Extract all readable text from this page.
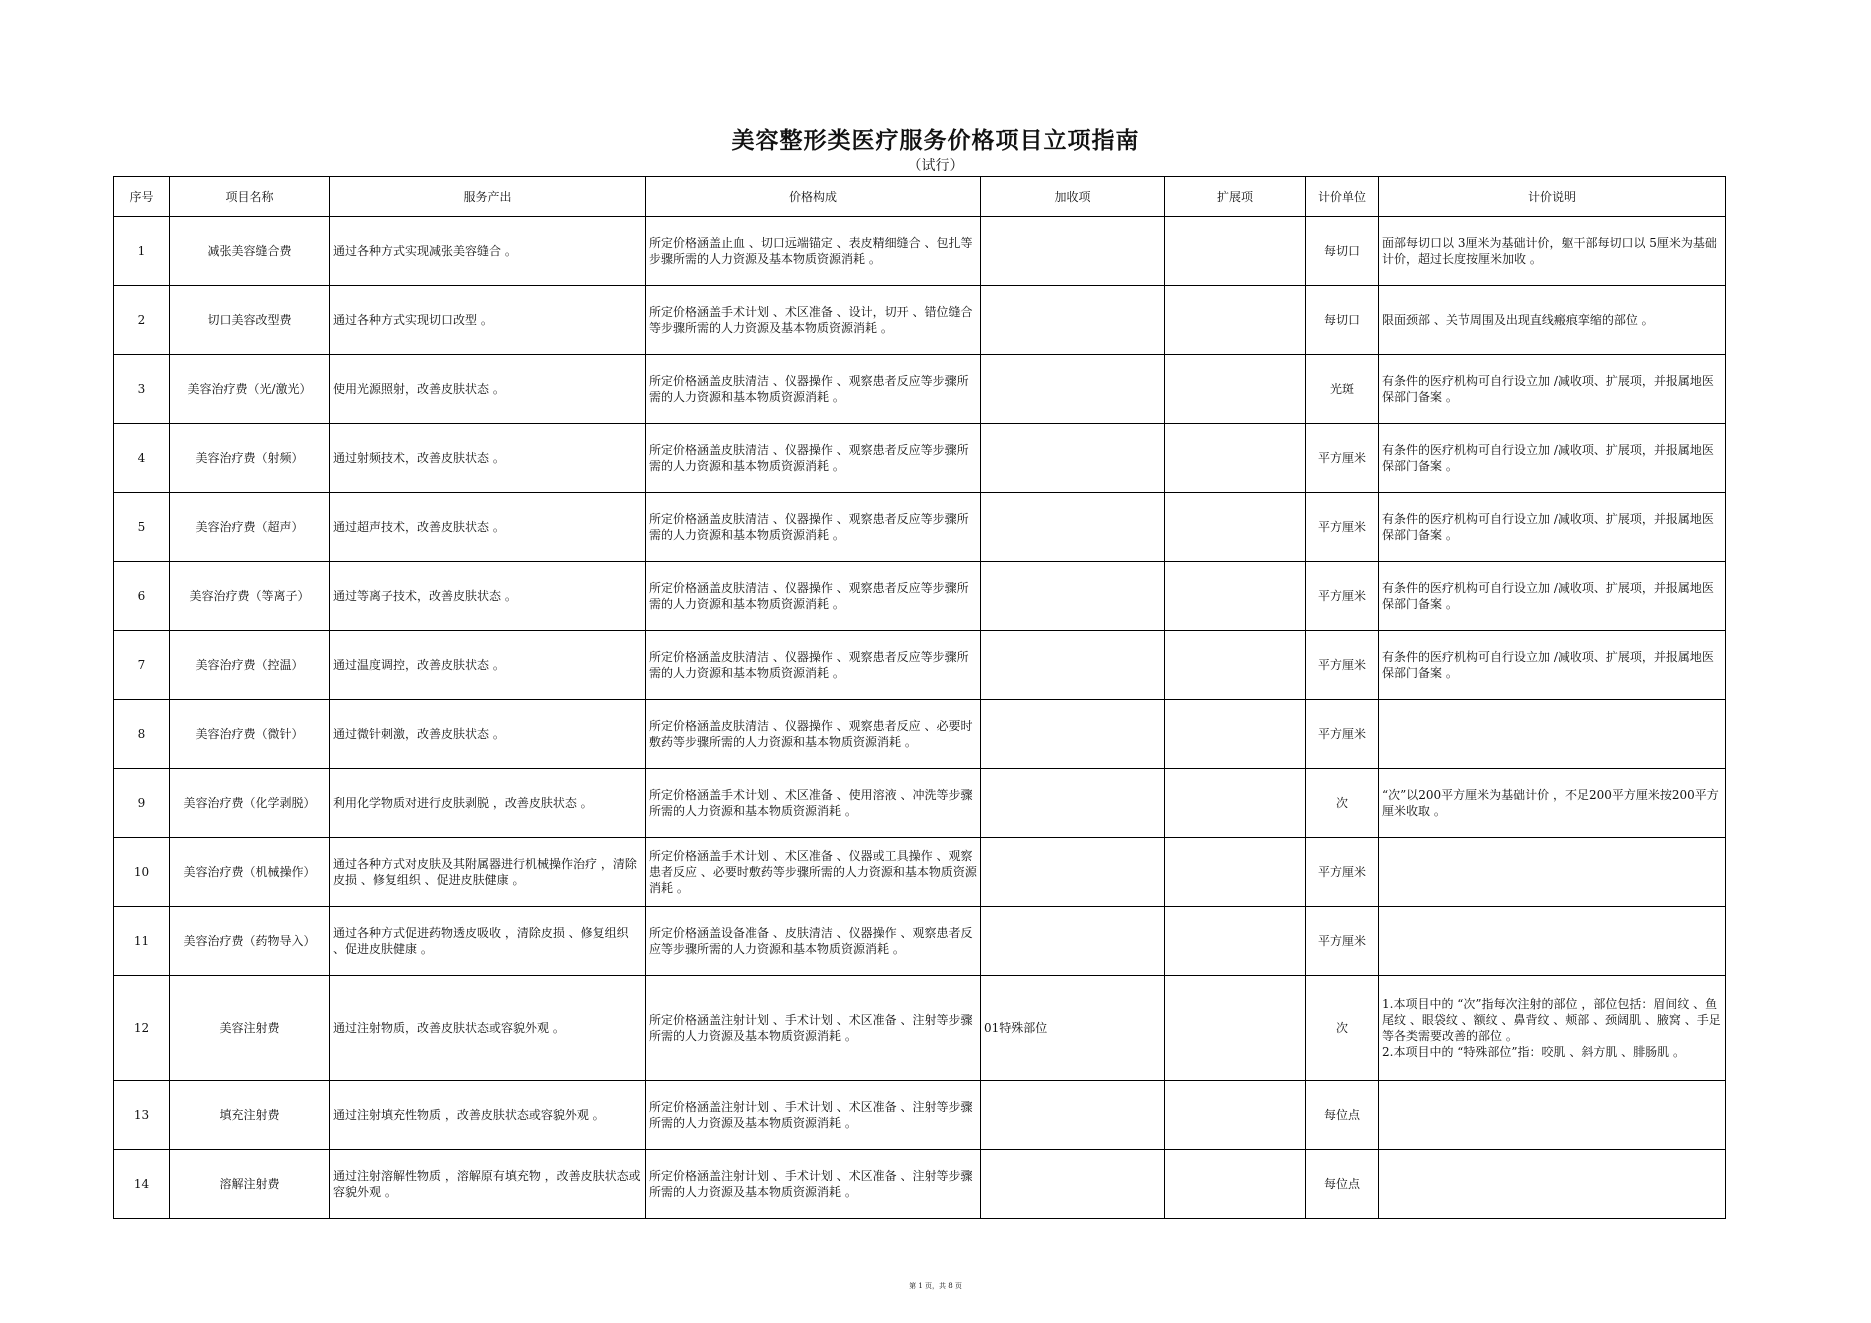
美容整形类医疗服务价格项目立项指南
（试行）
序号	项目名称	服务产出	价格构成	加收项	扩展项	计价单位	计价说明
1	减张美容缝合费	通过各种方式实现减张美容缝合 。	所定价格涵盖止血 、切口远端锚定 、表皮精细缝合 、包扎等步骤所需的人力资源及基本物质资源消耗 。			每切口	面部每切口以 3厘米为基础计价，躯干部每切口以 5厘米为基础计价，超过长度按厘米加收 。
2	切口美容改型费	通过各种方式实现切口改型 。	所定价格涵盖手术计划 、术区准备 、设计，切开 、错位缝合等步骤所需的人力资源及基本物质资源消耗 。			每切口	限面颈部 、关节周围及出现直线瘢痕挛缩的部位 。
3	美容治疗费（光/激光）	使用光源照射，改善皮肤状态 。	所定价格涵盖皮肤清洁 、仪器操作 、观察患者反应等步骤所需的人力资源和基本物质资源消耗 。			光斑	有条件的医疗机构可自行设立加 /减收项、扩展项，并报属地医保部门备案 。
4	美容治疗费（射频）	通过射频技术，改善皮肤状态 。	所定价格涵盖皮肤清洁 、仪器操作 、观察患者反应等步骤所需的人力资源和基本物质资源消耗 。			平方厘米	有条件的医疗机构可自行设立加 /减收项、扩展项，并报属地医保部门备案 。
5	美容治疗费（超声）	通过超声技术，改善皮肤状态 。	所定价格涵盖皮肤清洁 、仪器操作 、观察患者反应等步骤所需的人力资源和基本物质资源消耗 。			平方厘米	有条件的医疗机构可自行设立加 /减收项、扩展项，并报属地医保部门备案 。
6	美容治疗费（等离子）	通过等离子技术，改善皮肤状态 。	所定价格涵盖皮肤清洁 、仪器操作 、观察患者反应等步骤所需的人力资源和基本物质资源消耗 。			平方厘米	有条件的医疗机构可自行设立加 /减收项、扩展项，并报属地医保部门备案 。
7	美容治疗费（控温）	通过温度调控，改善皮肤状态 。	所定价格涵盖皮肤清洁 、仪器操作 、观察患者反应等步骤所需的人力资源和基本物质资源消耗 。			平方厘米	有条件的医疗机构可自行设立加 /减收项、扩展项，并报属地医保部门备案 。
8	美容治疗费（微针）	通过微针刺激，改善皮肤状态 。	所定价格涵盖皮肤清洁 、仪器操作 、观察患者反应 、必要时敷药等步骤所需的人力资源和基本物质资源消耗 。			平方厘米	
9	美容治疗费（化学剥脱）	利用化学物质对进行皮肤剥脱 ，改善皮肤状态 。	所定价格涵盖手术计划 、术区准备 、使用溶液 、冲洗等步骤所需的人力资源和基本物质资源消耗 。			次	“次”以200平方厘米为基础计价 ，不足200平方厘米按200平方厘米收取 。
10	美容治疗费（机械操作）	通过各种方式对皮肤及其附属器进行机械操作治疗 ，清除皮损 、修复组织 、促进皮肤健康 。	所定价格涵盖手术计划 、术区准备 、仪器或工具操作 、观察患者反应 、必要时敷药等步骤所需的人力资源和基本物质资源消耗 。			平方厘米	
11	美容治疗费（药物导入）	通过各种方式促进药物透皮吸收 ，清除皮损 、修复组织 、促进皮肤健康 。	所定价格涵盖设备准备 、皮肤清洁 、仪器操作 、观察患者反应等步骤所需的人力资源和基本物质资源消耗 。			平方厘米	
12	美容注射费	通过注射物质，改善皮肤状态或容貌外观 。	所定价格涵盖注射计划 、手术计划 、术区准备 、注射等步骤所需的人力资源及基本物质资源消耗 。	01特殊部位		次	1.本项目中的 “次”指每次注射的部位 ，部位包括：眉间纹 、鱼尾纹 、眼袋纹 、额纹 、鼻背纹 、颊部 、颈阔肌 、腋窝 、手足等各类需要改善的部位 。
2.本项目中的 “特殊部位”指：咬肌 、斜方肌 、腓肠肌 。
13	填充注射费	通过注射填充性物质 ，改善皮肤状态或容貌外观 。	所定价格涵盖注射计划 、手术计划 、术区准备 、注射等步骤所需的人力资源及基本物质资源消耗 。			每位点	
14	溶解注射费	通过注射溶解性物质 ，溶解原有填充物 ，改善皮肤状态或容貌外观 。	所定价格涵盖注射计划 、手术计划 、术区准备 、注射等步骤所需的人力资源及基本物质资源消耗 。			每位点	
第 1 页，共 8 页
